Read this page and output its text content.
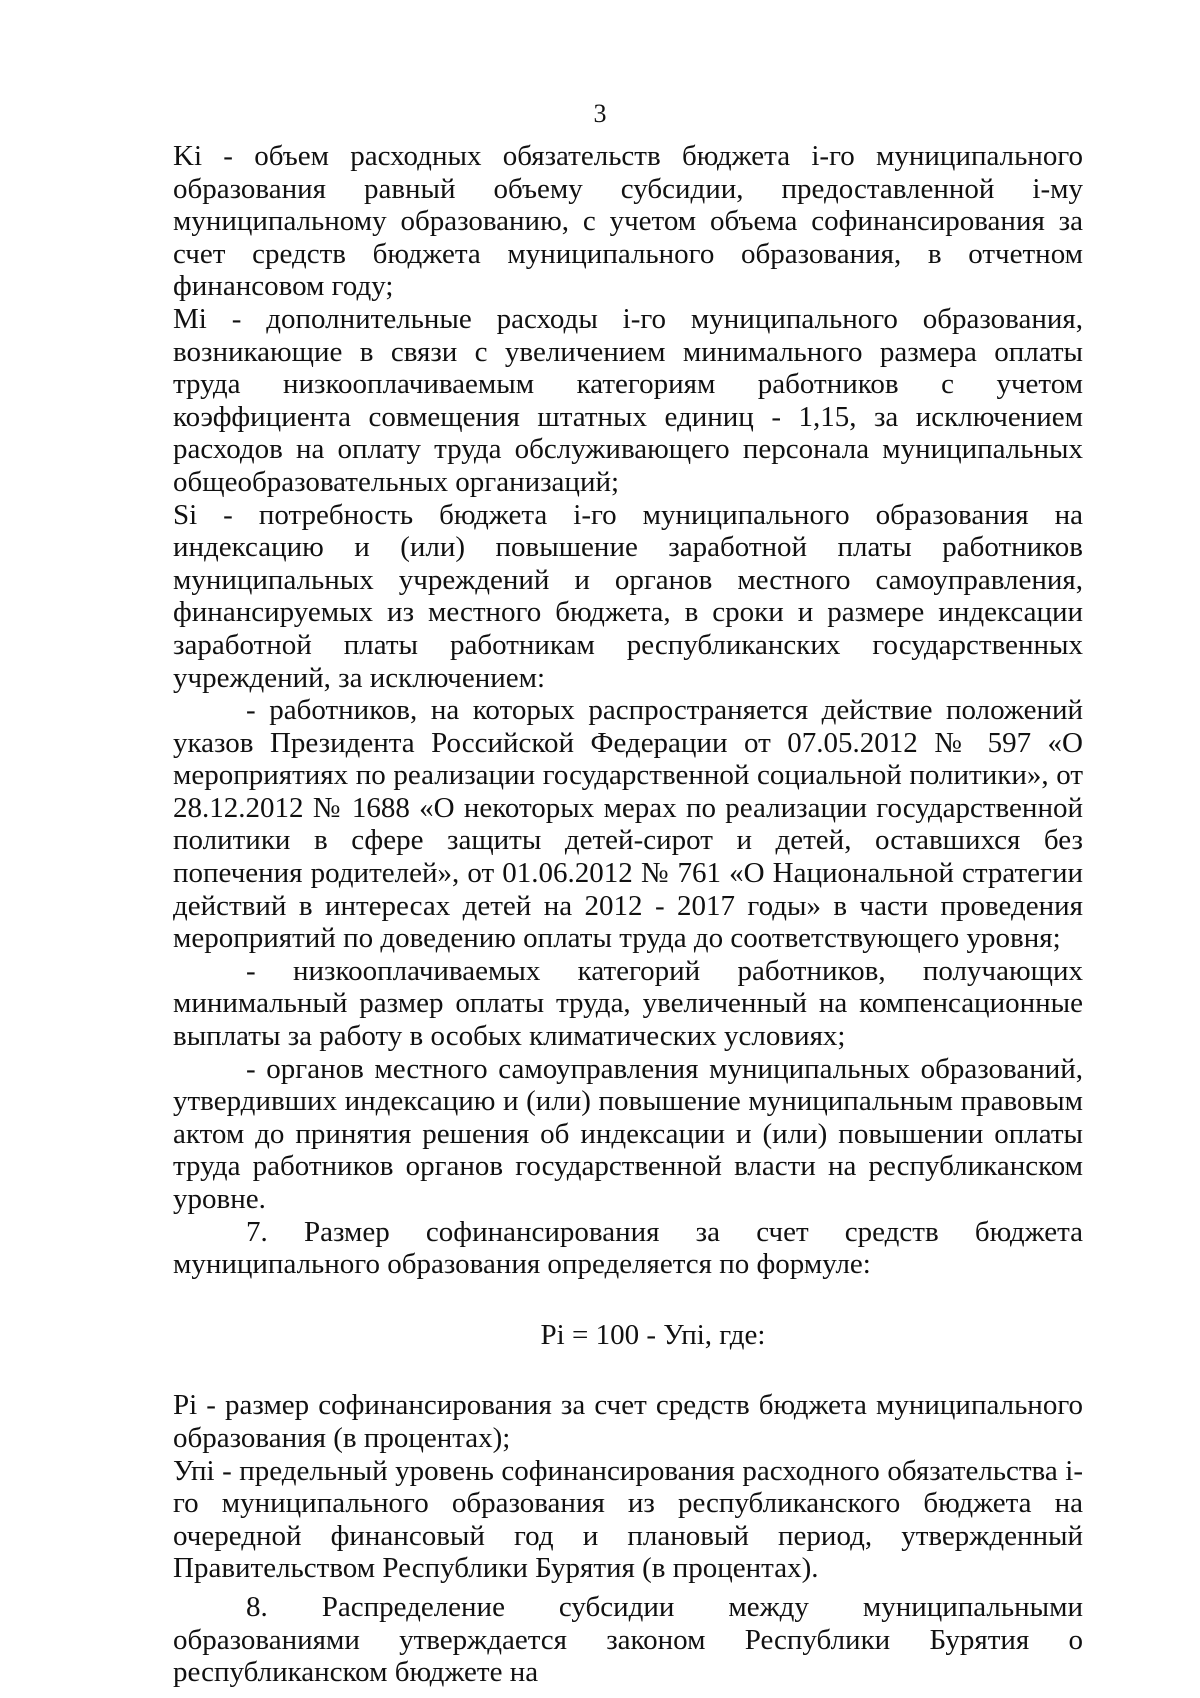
3

Ki - объем расходных обязательств бюджета i-го муниципального образования равный объему субсидии, предоставленной i-му муниципальному образованию, с учетом объема софинансирования за счет средств бюджета муниципального образования, в отчетном финансовом году;

Mi - дополнительные расходы i-го муниципального образования, возникающие в связи с увеличением минимального размера оплаты труда низкооплачиваемым категориям работников с учетом коэффициента совмещения штатных единиц - 1,15, за исключением расходов на оплату труда обслуживающего персонала муниципальных общеобразовательных организаций;

Si - потребность бюджета i-го муниципального образования на индексацию и (или) повышение заработной платы работников муниципальных учреждений и органов местного самоуправления, финансируемых из местного бюджета, в сроки и размере индексации заработной платы работникам республиканских государственных учреждений, за исключением:

- работников, на которых распространяется действие положений указов Президента Российской Федерации от 07.05.2012 № 597 «О мероприятиях по реализации государственной социальной политики», от 28.12.2012 № 1688 «О некоторых мерах по реализации государственной политики в сфере защиты детей-сирот и детей, оставшихся без попечения родителей», от 01.06.2012 № 761 «О Национальной стратегии действий в интересах детей на 2012 - 2017 годы» в части проведения мероприятий по доведению оплаты труда до соответствующего уровня;

- низкооплачиваемых категорий работников, получающих минимальный размер оплаты труда, увеличенный на компенсационные выплаты за работу в особых климатических условиях;

- органов местного самоуправления муниципальных образований, утвердивших индексацию и (или) повышение муниципальным правовым актом до принятия решения об индексации и (или) повышении оплаты труда работников органов государственной власти на республиканском уровне.

7. Размер софинансирования за счет средств бюджета муниципального образования определяется по формуле:

Pi = 100 - Упi, где:

Pi - размер софинансирования за счет средств бюджета муниципального образования (в процентах);

Упi - предельный уровень софинансирования расходного обязательства i-го муниципального образования из республиканского бюджета на очередной финансовый год и плановый период, утвержденный Правительством Республики Бурятия (в процентах).

8. Распределение субсидии между муниципальными образованиями утверждается законом Республики Бурятия о республиканском бюджете на
